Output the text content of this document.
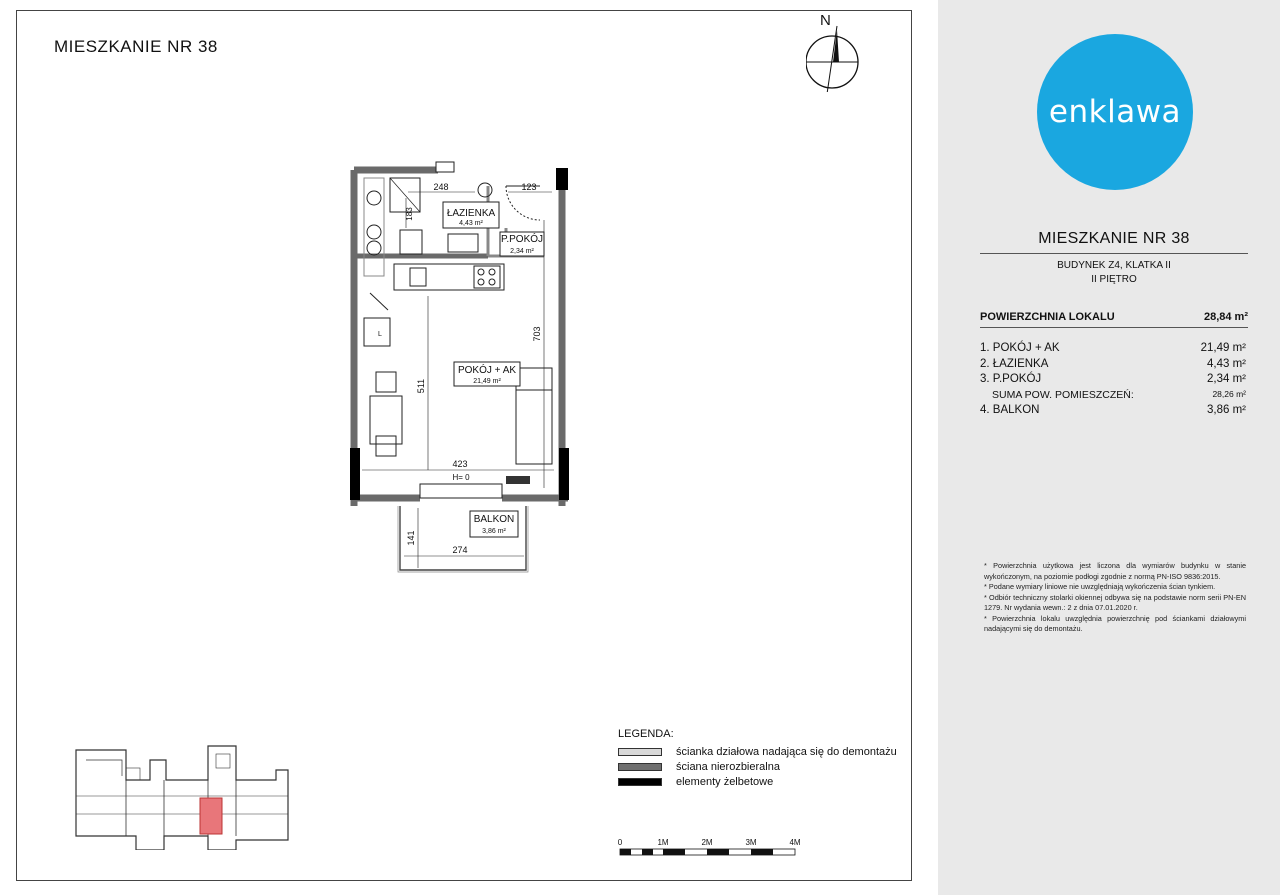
MIESZKANIE NR 38
N
248	123
183
703
511
423
H= 0
141
274
ŁAZIENKA
4,43 m²
P.POKÓJ
2,34 m²
POKÓJ + AK
21,49 m²
BALKON
3,86 m²
L
LEGENDA:
ścianka działowa nadająca się do demontażu
ściana nierozbieralna
elementy żelbetowe
0	1M	2M	3M	4M
enklawa
MIESZKANIE NR 38
BUDYNEK Z4, KLATKA II
II PIĘTRO
POWIERZCHNIA LOKALU	28,84 m²
1. POKÓJ + AK	21,49 m²
2. ŁAZIENKA	4,43 m²
3. P.POKÓJ	2,34 m²
SUMA POW. POMIESZCZEŃ:	28,26 m²
4. BALKON	3,86 m²

* Powierzchnia użytkowa jest liczona dla wymiarów budynku w stanie wykończonym, na poziomie podłogi zgodnie z normą PN-ISO 9836:2015.

* Podane wymiary liniowe nie uwzględniają wykończenia ścian tynkiem.

* Odbiór techniczny stolarki okiennej odbywa się na podstawie norm serii PN-EN 1279. Nr wydania wewn.: 2 z dnia 07.01.2020 r.

* Powierzchnia lokalu uwzględnia powierzchnię pod ściankami działowymi nadającymi się do demontażu.
